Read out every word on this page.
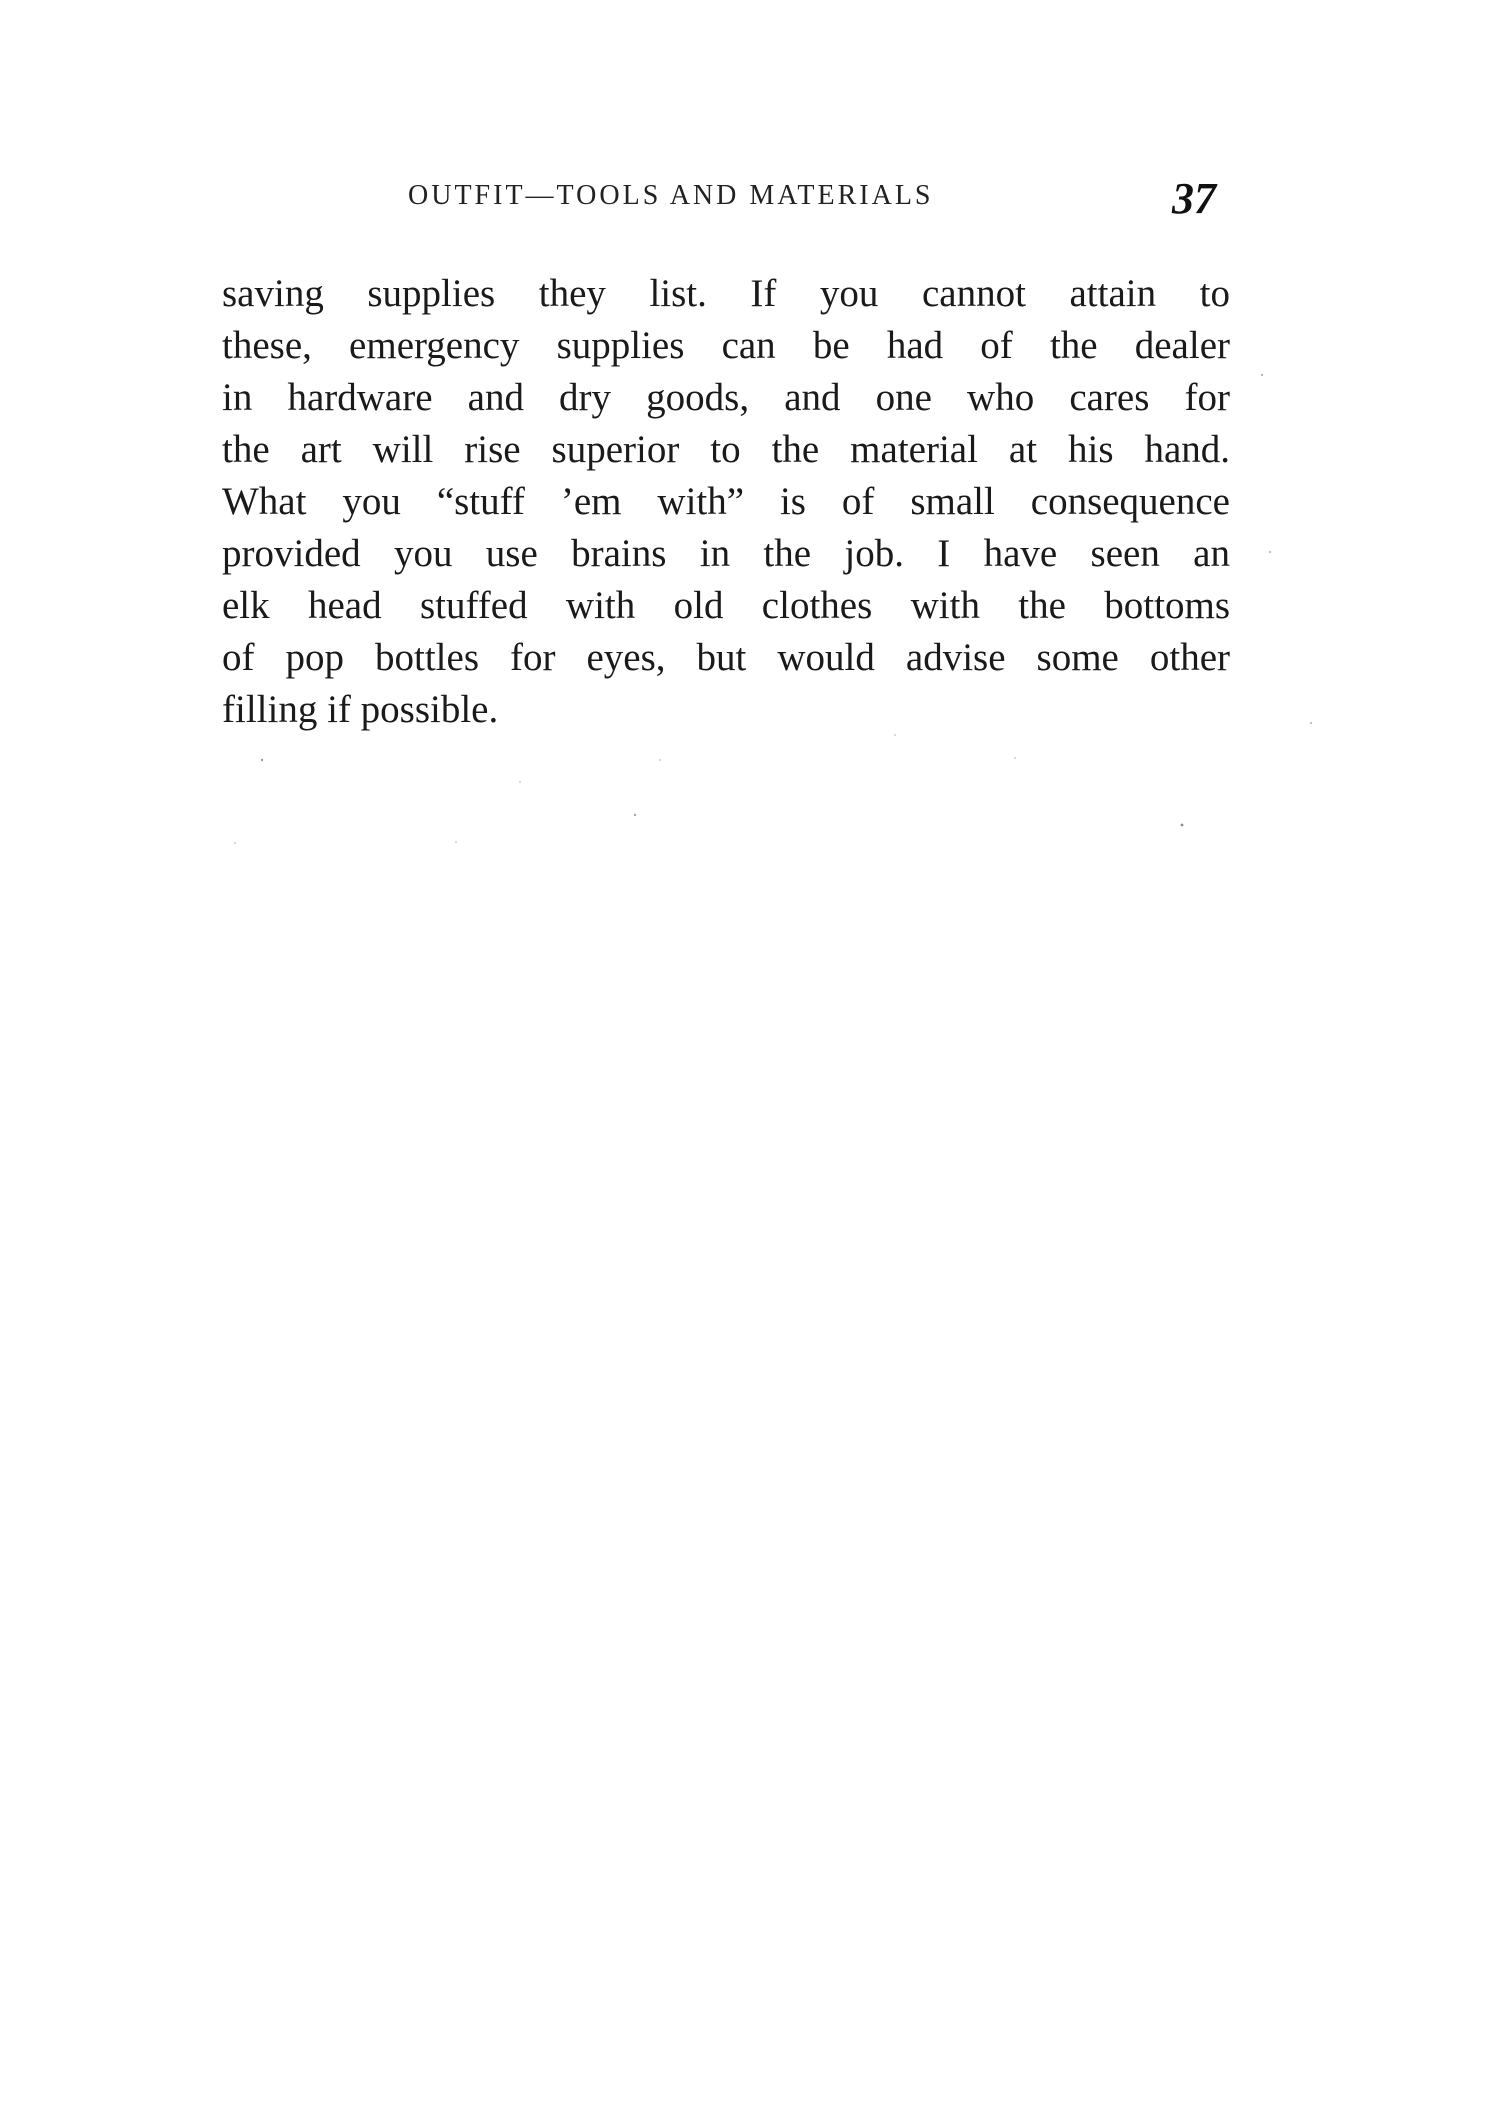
OUTFIT—TOOLS AND MATERIALS	37
saving supplies they list. If you cannot attain to
these, emergency supplies can be had of the dealer
in hardware and dry goods, and one who cares for
the art will rise superior to the material at his hand.
What you “stuff ’em with” is of small consequence
provided you use brains in the job. I have seen an
elk head stuffed with old clothes with the bottoms
of pop bottles for eyes, but would advise some other
filling if possible.
